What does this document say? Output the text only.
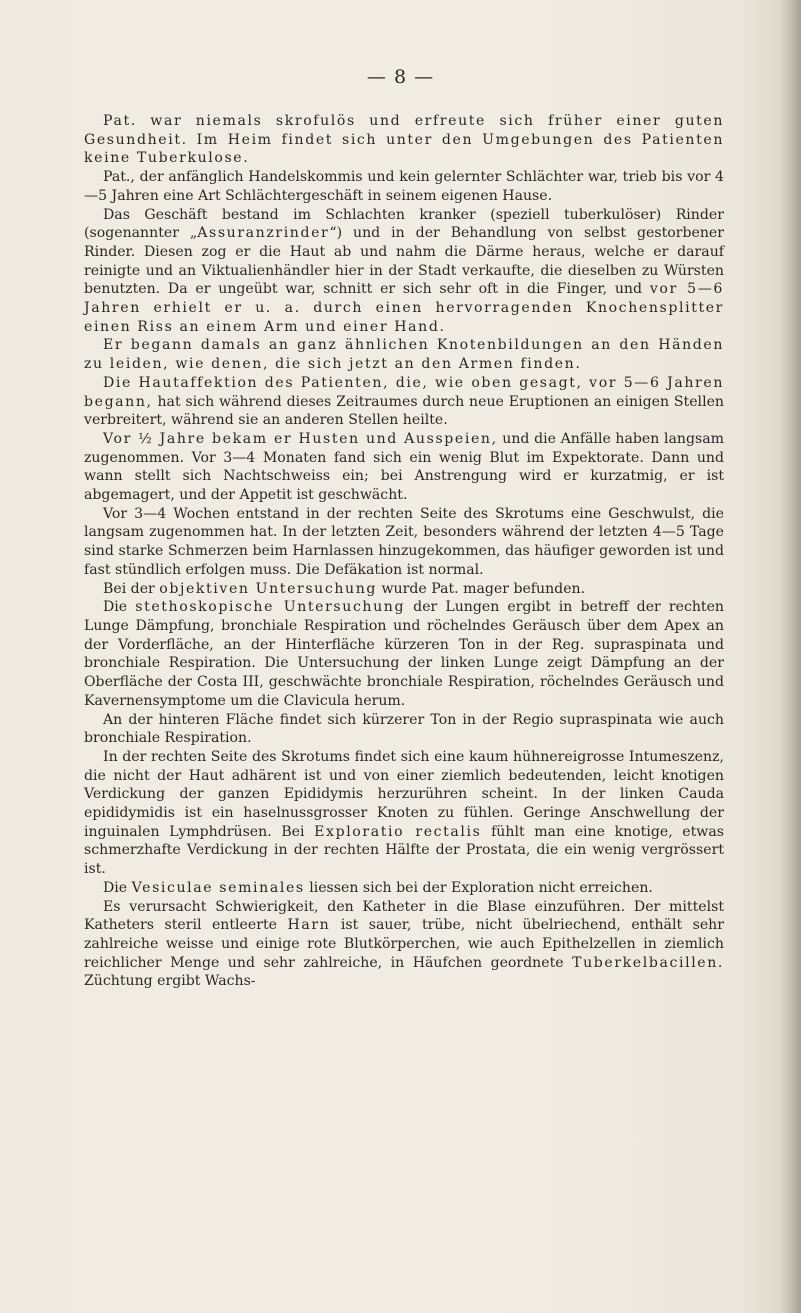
— 8 —

Pat. war niemals skrofulös und erfreute sich früher einer guten Gesundheit. Im Heim findet sich unter den Umgebungen des Patienten keine Tuberkulose.

Pat., der anfänglich Handelskommis und kein gelernter Schlächter war, trieb bis vor 4—5 Jahren eine Art Schlächtergeschäft in seinem eigenen Hause.

Das Geschäft bestand im Schlachten kranker (speziell tuberkulöser) Rinder (sogenannter „Assuranzrinder“) und in der Behandlung von selbst gestorbener Rinder. Diesen zog er die Haut ab und nahm die Därme heraus, welche er darauf reinigte und an Viktualienhändler hier in der Stadt verkaufte, die dieselben zu Würsten benutzten. Da er ungeübt war, schnitt er sich sehr oft in die Finger, und vor 5—6 Jahren erhielt er u. a. durch einen hervorragenden Knochensplitter einen Riss an einem Arm und einer Hand.

Er begann damals an ganz ähnlichen Knotenbildungen an den Händen zu leiden, wie denen, die sich jetzt an den Armen finden.

Die Hautaffektion des Patienten, die, wie oben gesagt, vor 5—6 Jahren begann, hat sich während dieses Zeitraumes durch neue Eruptionen an einigen Stellen verbreitert, während sie an anderen Stellen heilte.

Vor ½ Jahre bekam er Husten und Ausspeien, und die Anfälle haben langsam zugenommen. Vor 3—4 Monaten fand sich ein wenig Blut im Expektorate. Dann und wann stellt sich Nachtschweiss ein; bei Anstrengung wird er kurzatmig, er ist abgemagert, und der Appetit ist geschwächt.

Vor 3—4 Wochen entstand in der rechten Seite des Skrotums eine Geschwulst, die langsam zugenommen hat. In der letzten Zeit, besonders während der letzten 4—5 Tage sind starke Schmerzen beim Harnlassen hinzugekommen, das häufiger geworden ist und fast stündlich erfolgen muss. Die Defäkation ist normal.

Bei der objektiven Untersuchung wurde Pat. mager befunden.

Die stethoskopische Untersuchung der Lungen ergibt in betreff der rechten Lunge Dämpfung, bronchiale Respiration und röchelndes Geräusch über dem Apex an der Vorderfläche, an der Hinterfläche kürzeren Ton in der Reg. supraspinata und bronchiale Respiration. Die Untersuchung der linken Lunge zeigt Dämpfung an der Oberfläche der Costa III, geschwächte bronchiale Respiration, röchelndes Geräusch und Kavernensymptome um die Clavicula herum.

An der hinteren Fläche findet sich kürzerer Ton in der Regio supraspinata wie auch bronchiale Respiration.

In der rechten Seite des Skrotums findet sich eine kaum hühnereigrosse Intumeszenz, die nicht der Haut adhärent ist und von einer ziemlich bedeutenden, leicht knotigen Verdickung der ganzen Epididymis herzurühren scheint. In der linken Cauda epididymidis ist ein haselnussgrosser Knoten zu fühlen. Geringe Anschwellung der inguinalen Lymphdrüsen. Bei Exploratio rectalis fühlt man eine knotige, etwas schmerzhafte Verdickung in der rechten Hälfte der Prostata, die ein wenig vergrössert ist.

Die Vesiculae seminales liessen sich bei der Exploration nicht erreichen.

Es verursacht Schwierigkeit, den Katheter in die Blase einzuführen. Der mittelst Katheters steril entleerte Harn ist sauer, trübe, nicht übelriechend, enthält sehr zahlreiche weisse und einige rote Blutkörperchen, wie auch Epithelzellen in ziemlich reichlicher Menge und sehr zahlreiche, in Häufchen geordnete Tuberkelbacillen. Züchtung ergibt Wachs-
